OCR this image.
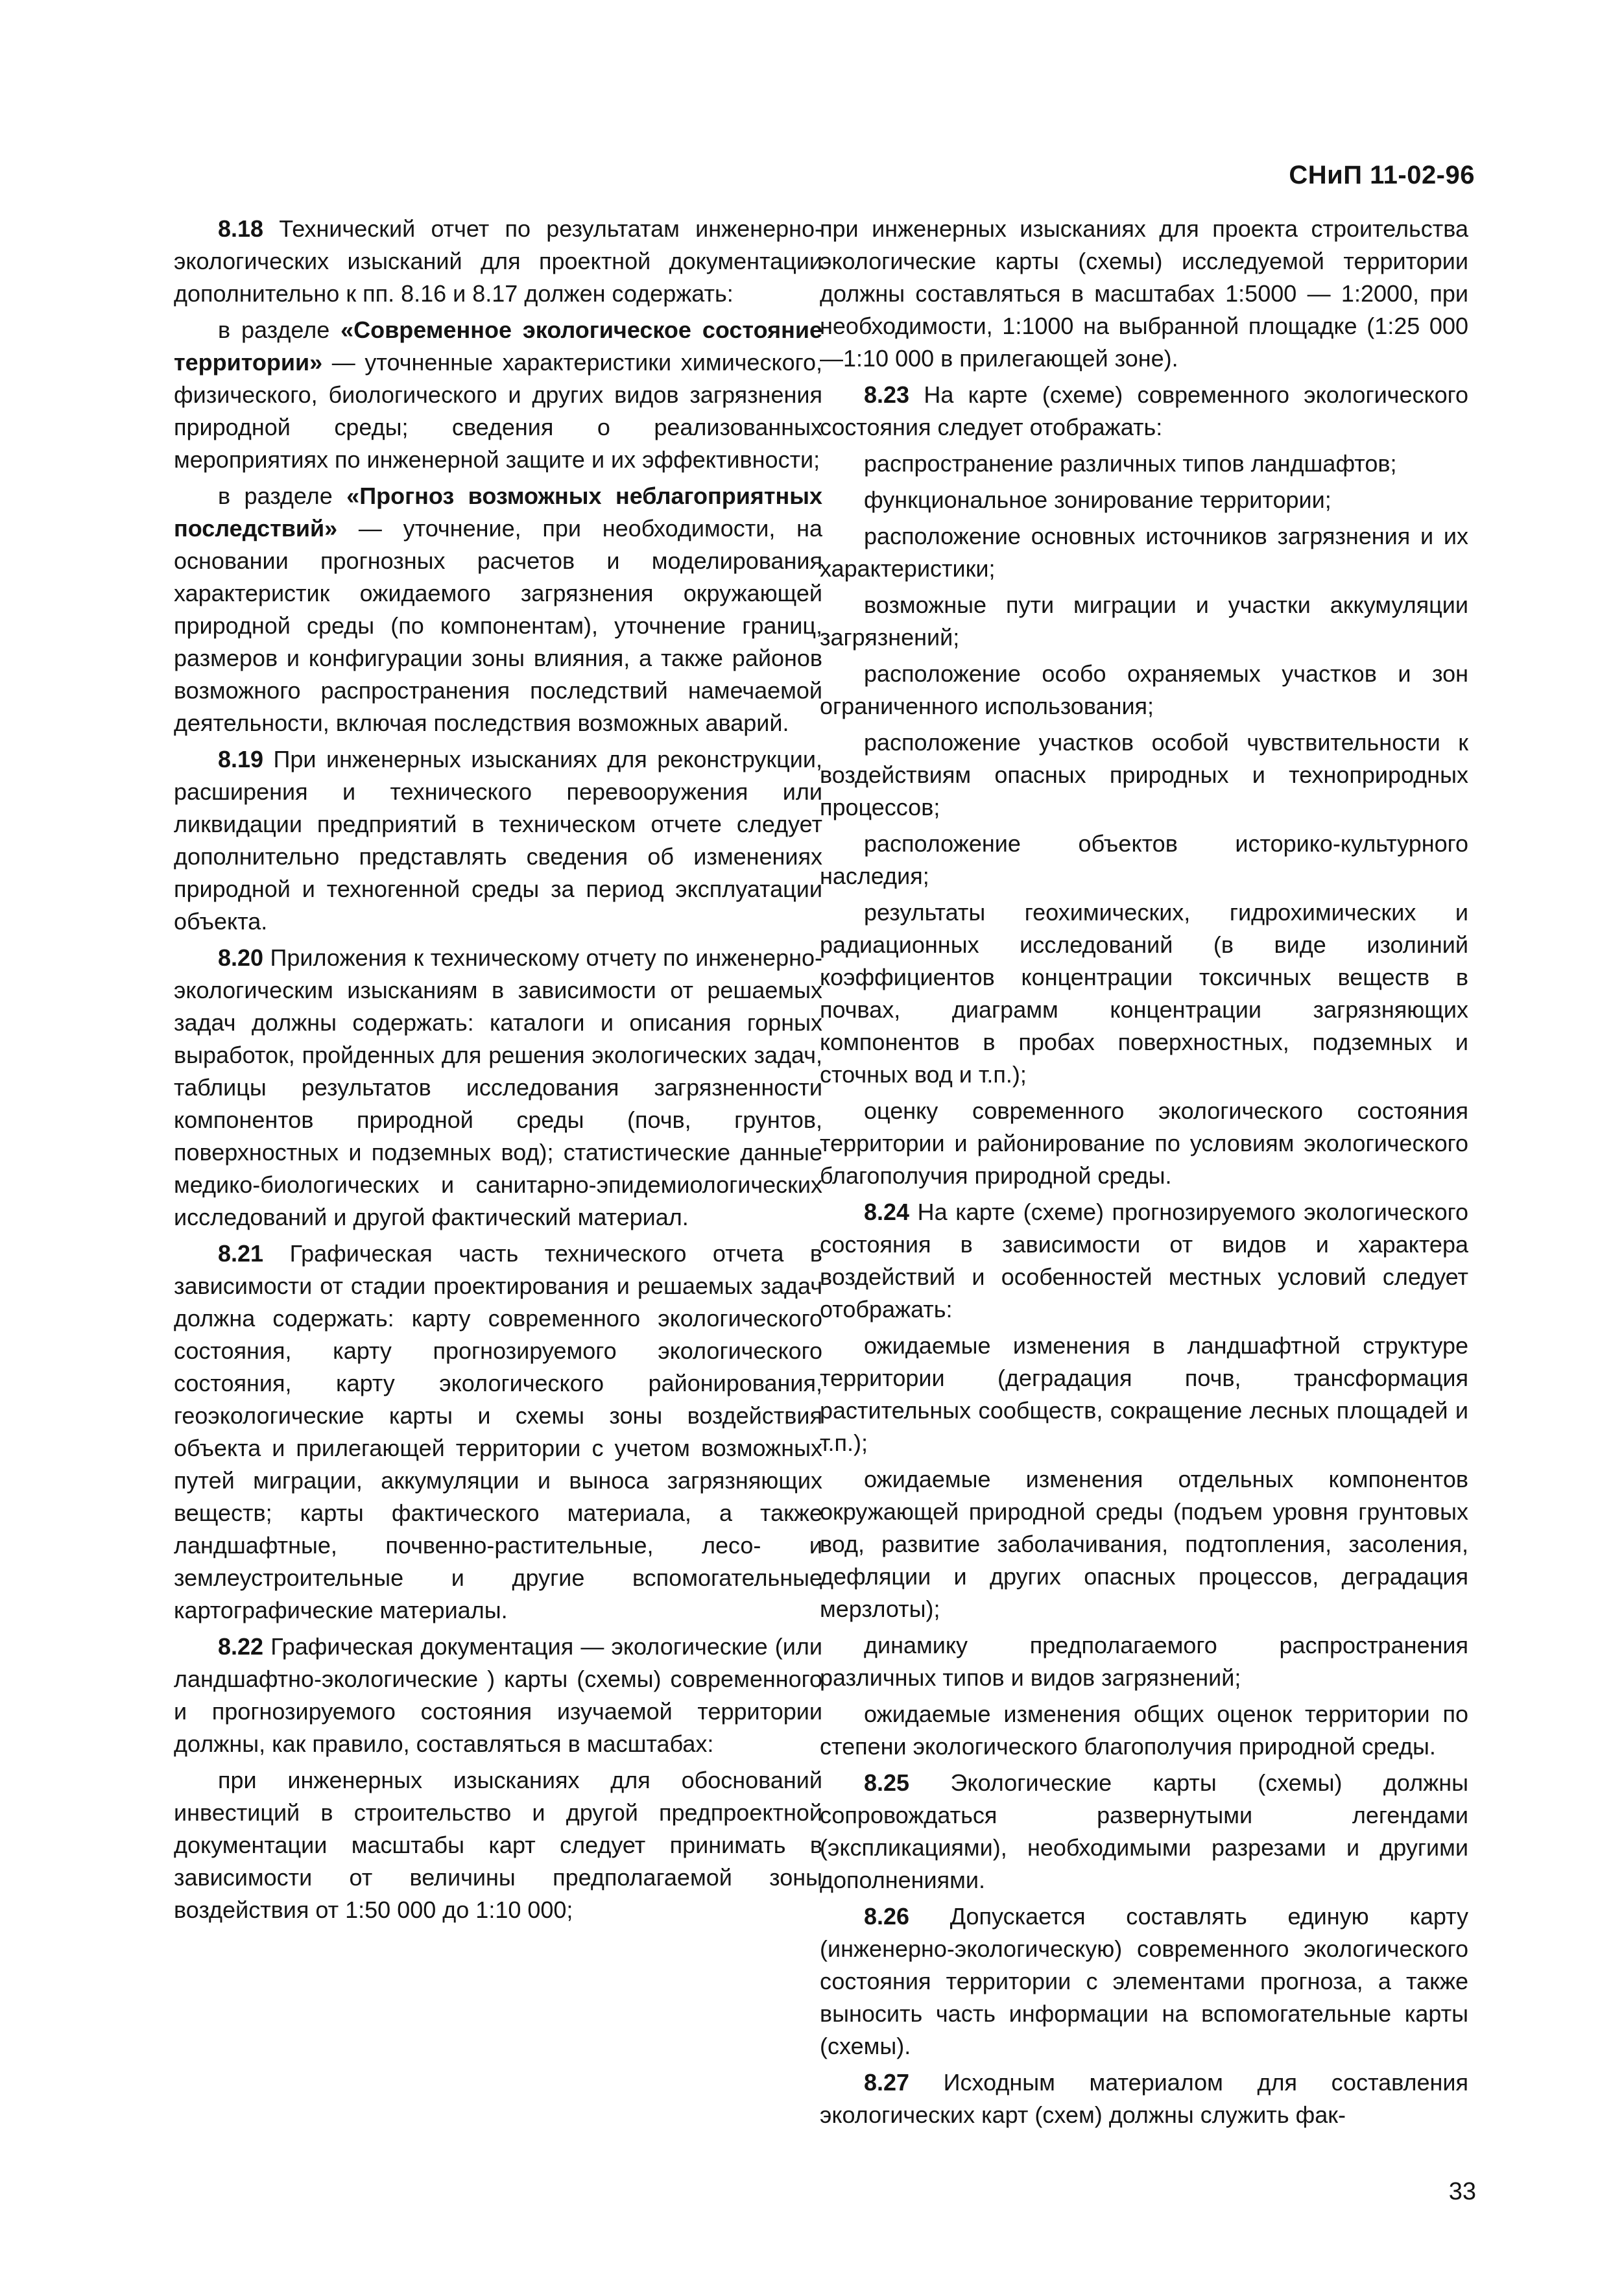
СНиП 11-02-96

8.18 Технический отчет по результатам инженерно-экологических изысканий для проектной документации дополнительно к пп. 8.16 и 8.17 должен содержать:

в разделе «Современное экологическое состояние территории» — уточненные характеристики химического, физического, биологического и других видов загрязнения природной среды; сведения о реализованных мероприятиях по инженерной защите и их эффективности;

в разделе «Прогноз возможных неблагоприятных последствий» — уточнение, при необходимости, на основании прогнозных расчетов и моделирования характеристик ожидаемого загрязнения окружающей природной среды (по компонентам), уточнение границ, размеров и конфигурации зоны влияния, а также районов возможного распространения последствий намечаемой деятельности, включая последствия возможных аварий.

8.19 При инженерных изысканиях для реконструкции, расширения и технического перевооружения или ликвидации предприятий в техническом отчете следует дополнительно представлять сведения об изменениях природной и техногенной среды за период эксплуатации объекта.

8.20 Приложения к техническому отчету по инженерно-экологическим изысканиям в зависимости от решаемых задач должны содержать: каталоги и описания горных выработок, пройденных для решения экологических задач, таблицы результатов исследования загрязненности компонентов природной среды (почв, грунтов, поверхностных и подземных вод); статистические данные медико-биологических и санитарно-эпидемиологических исследований и другой фактический материал.

8.21 Графическая часть технического отчета в зависимости от стадии проектирования и решаемых задач должна содержать: карту современного экологического состояния, карту прогнозируемого экологического состояния, карту экологического районирования, геоэкологические карты и схемы зоны воздействия объекта и прилегающей территории с учетом возможных путей миграции, аккумуляции и выноса загрязняющих веществ; карты фактического материала, а также ландшафтные, почвенно-растительные, лесо- и землеустроительные и другие вспомогательные картографические материалы.

8.22 Графическая документация — экологические (или ландшафтно-экологические ) карты (схемы) современного и прогнозируемого состояния изучаемой территории должны, как правило, составляться в масштабах:

при инженерных изысканиях для обоснований инвестиций в строительство и другой предпроектной документации масштабы карт следует принимать в зависимости от величины предполагаемой зоны воздействия от 1:50 000 до 1:10 000;

при инженерных изысканиях для проекта строительства экологические карты (схемы) исследуемой территории должны составляться в масштабах 1:5000 — 1:2000, при необходимости, 1:1000 на выбранной площадке (1:25 000 —1:10 000 в прилегающей зоне).

8.23 На карте (схеме) современного экологического состояния следует отображать:

распространение различных типов ландшафтов;

функциональное зонирование территории;

расположение основных источников загрязнения и их характеристики;

возможные пути миграции и участки аккумуляции загрязнений;

расположение особо охраняемых участков и зон ограниченного использования;

расположение участков особой чувствительности к воздействиям опасных природных и технoприродных процессов;

расположение объектов историко-культурного наследия;

результаты геохимических, гидрохимических и радиационных исследований (в виде изолиний коэффициентов концентрации токсичных веществ в почвах, диаграмм концентрации загрязняющих компонентов в пробах поверхностных, подземных и сточных вод и т.п.);

оценку современного экологического состояния территории и районирование по условиям экологического благополучия природной среды.

8.24 На карте (схеме) прогнозируемого экологического состояния в зависимости от видов и характера воздействий и особенностей местных условий следует отображать:

ожидаемые изменения в ландшафтной структуре территории (деградация почв, трансформация растительных сообществ, сокращение лесных площадей и т.п.);

ожидаемые изменения отдельных компонентов окружающей природной среды (подъем уровня грунтовых вод, развитие заболачивания, подтопления, засоления, дефляции и других опасных процессов, деградация мерзлоты);

динамику предполагаемого распространения различных типов и видов загрязнений;

ожидаемые изменения общих оценок территории по степени экологического благополучия природной среды.

8.25 Экологические карты (схемы) должны сопровождаться развернутыми легендами (экспликациями), необходимыми разрезами и другими дополнениями.

8.26 Допускается составлять единую карту (инженерно-экологическую) современного экологического состояния территории с элементами прогноза, а также выносить часть информации на вспомогательные карты (схемы).

8.27 Исходным материалом для составления экологических карт (схем) должны служить фак-

33
